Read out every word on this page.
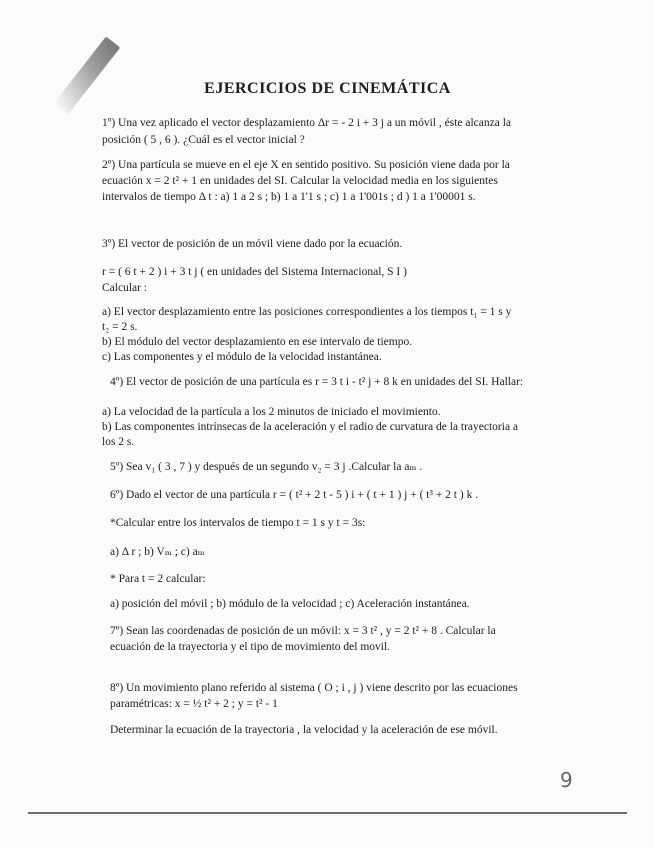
EJERCICIOS DE CINEMÁTICA
1º) Una vez aplicado el vector desplazamiento Δr = - 2 i + 3 j a un móvil , éste alcanza la
posición ( 5 , 6 ). ¿Cuál es el vector inicial ?
2º) Una partícula se mueve en el eje X en sentido positivo. Su posición viene dada por la
ecuación x = 2 t² + 1 en unidades del SI. Calcular la velocidad media en los siguientes
intervalos de tiempo Δ t : a) 1 a 2 s ; b) 1 a 1'1 s ; c) 1 a 1'001s ; d ) 1 a 1'00001 s.
3º) El vector de posición de un móvil viene dado por la ecuación.
r = ( 6 t + 2 ) i + 3 t j ( en unidades del Sistema Internacional, S I )
Calcular :
a) El vector desplazamiento entre las posiciones correspondientes a los tiempos t₁ = 1 s y
t₂ = 2 s.
b) El módulo del vector desplazamiento en ese intervalo de tiempo.
c) Las componentes y el módulo de la velocidad instantánea.
4º) El vector de posición de una partícula es r = 3 t i - t² j + 8 k en unidades del SI. Hallar:
a) La velocidad de la partícula a los 2 minutos de iniciado el movimiento.
b) Las componentes intrínsecas de la aceleración y el radio de curvatura de la trayectoria a
los 2 s.
5º) Sea v₁ ( 3 , 7 ) y después de un segundo v₂ = 3 j .Calcular la aₘ .
6º) Dado el vector de una partícula r = ( t² + 2 t - 5 ) i + ( t + 1 ) j + ( t³ + 2 t ) k .
*Calcular entre los intervalos de tiempo t = 1 s y t = 3s:
a) Δ r ; b) Vₘ ; c) aₘ
* Para t = 2 calcular:
a) posición del móvil ; b) módulo de la velocidad ; c) Aceleración instantánea.
7º) Sean las coordenadas de posición de un móvil: x = 3 t² , y = 2 t² + 8 . Calcular la
ecuación de la trayectoria y el tipo de movimiento del movil.
8º) Un movimiento plano referido al sistema ( O ; i , j ) viene descrito por las ecuaciones
paramétricas: x = ½ t² + 2 ; y = t² - 1
Determinar la ecuación de la trayectoria , la velocidad y la aceleración de ese móvil.
9
